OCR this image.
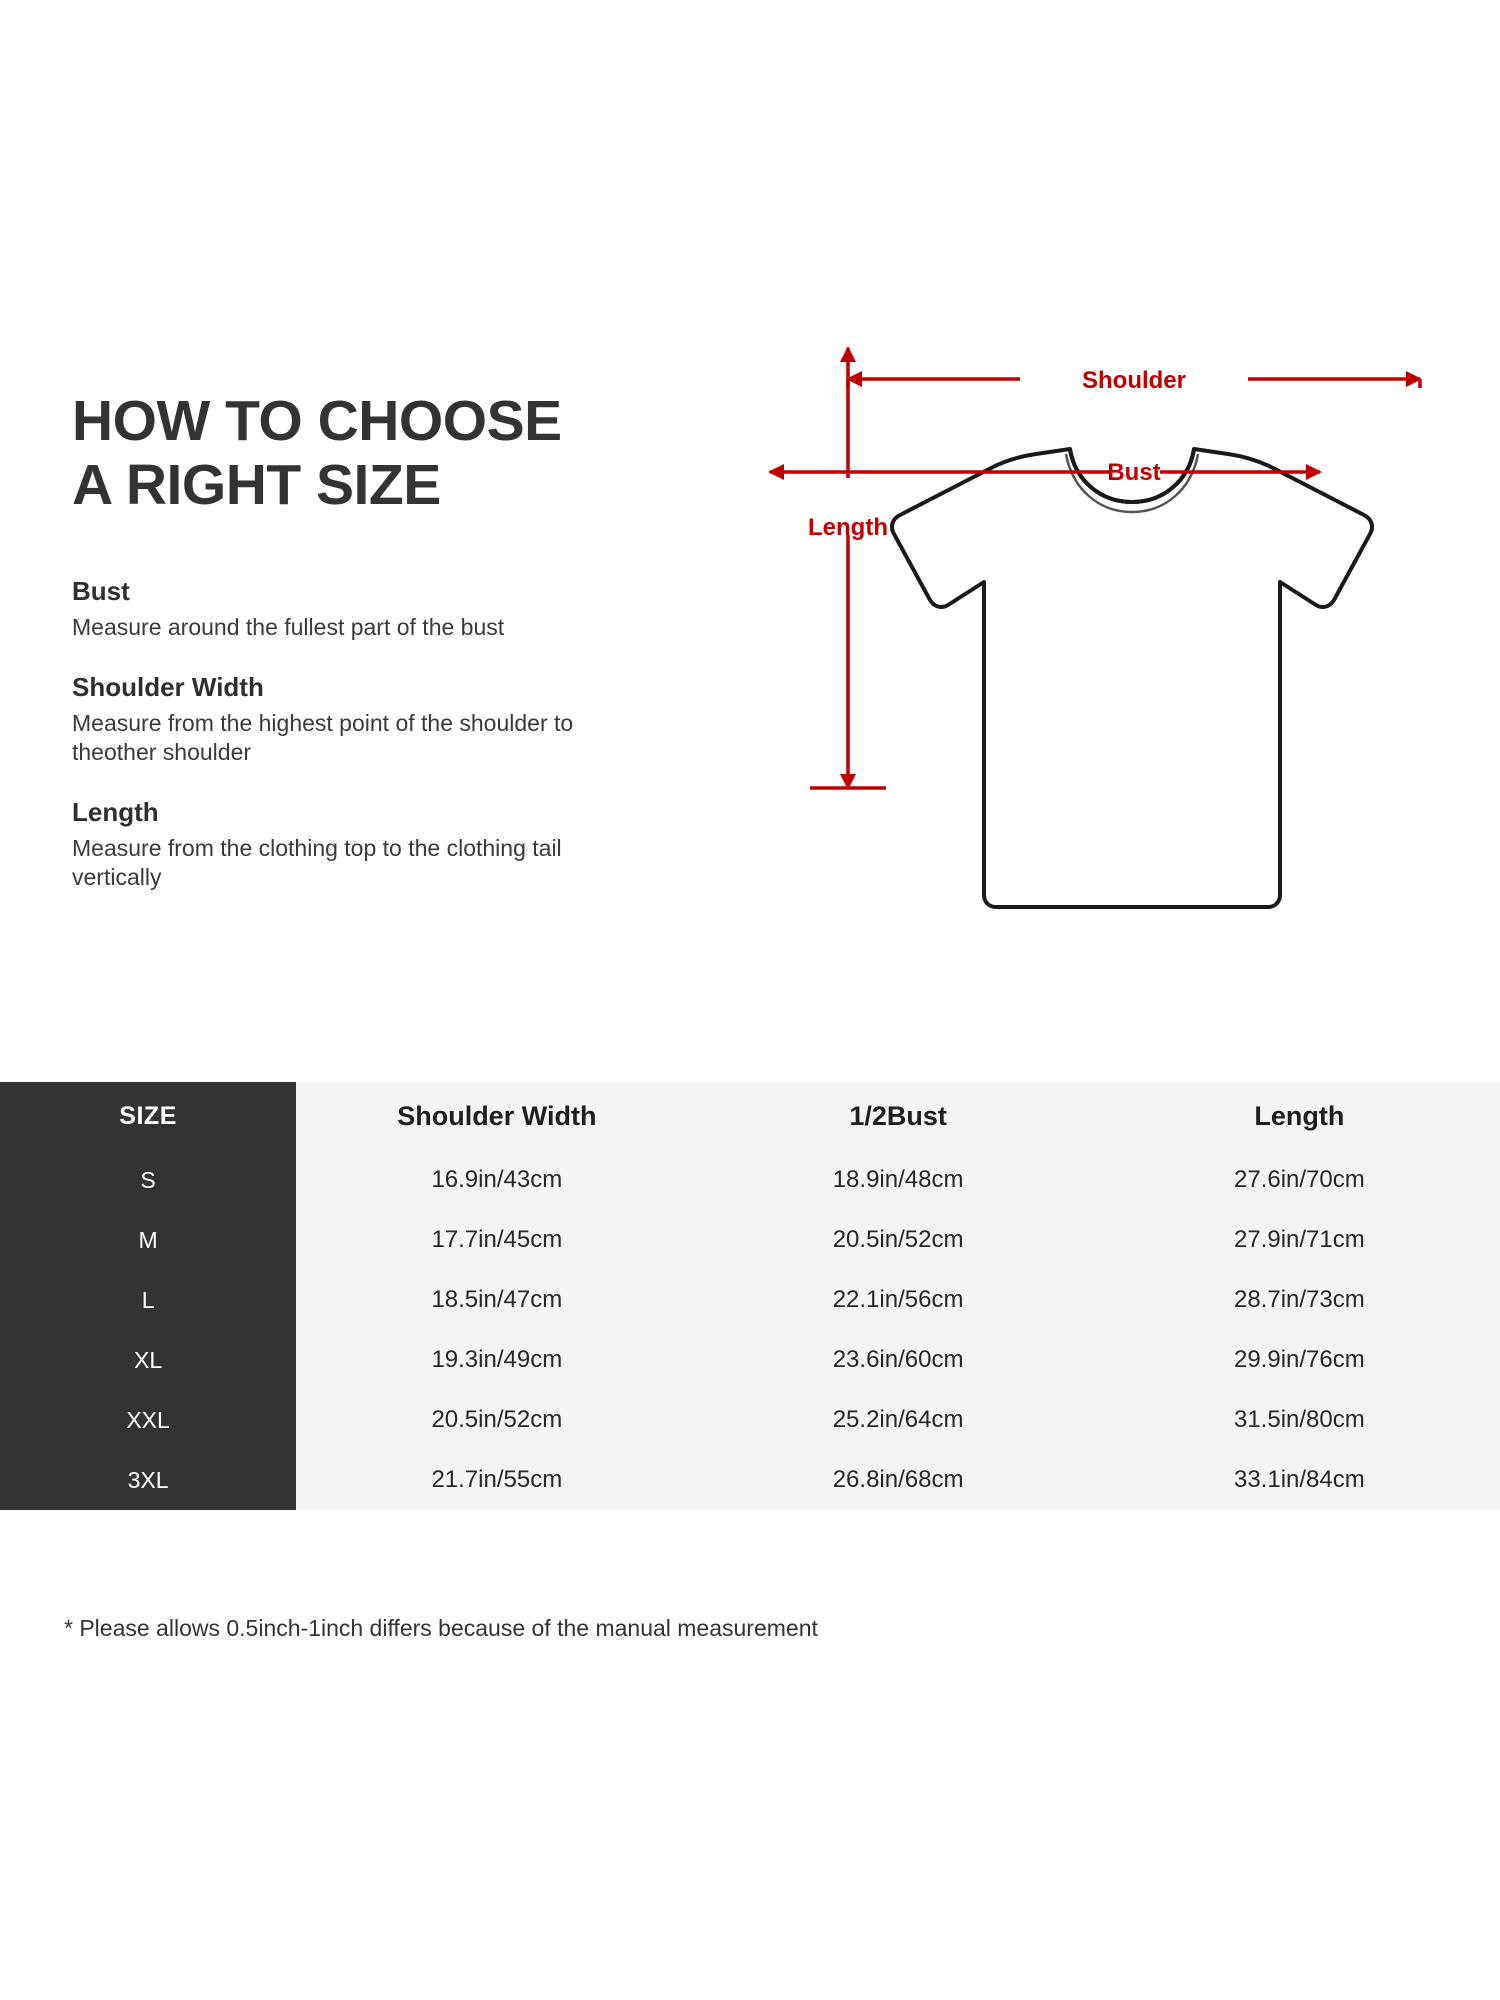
HOW TO CHOOSE
A RIGHT SIZE

Bust

Measure around the fullest part of the bust

Shoulder Width

Measure from the highest point of the shoulder to theother shoulder

Length

Measure from the clothing top to the clothing tail vertically

Shoulder
Bust
Length
SIZE	Shoulder Width	1/2Bust	Length
S	16.9in/43cm	18.9in/48cm	27.6in/70cm
M	17.7in/45cm	20.5in/52cm	27.9in/71cm
L	18.5in/47cm	22.1in/56cm	28.7in/73cm
XL	19.3in/49cm	23.6in/60cm	29.9in/76cm
XXL	20.5in/52cm	25.2in/64cm	31.5in/80cm
3XL	21.7in/55cm	26.8in/68cm	33.1in/84cm
* Please allows 0.5inch-1inch differs because of the manual measurement
